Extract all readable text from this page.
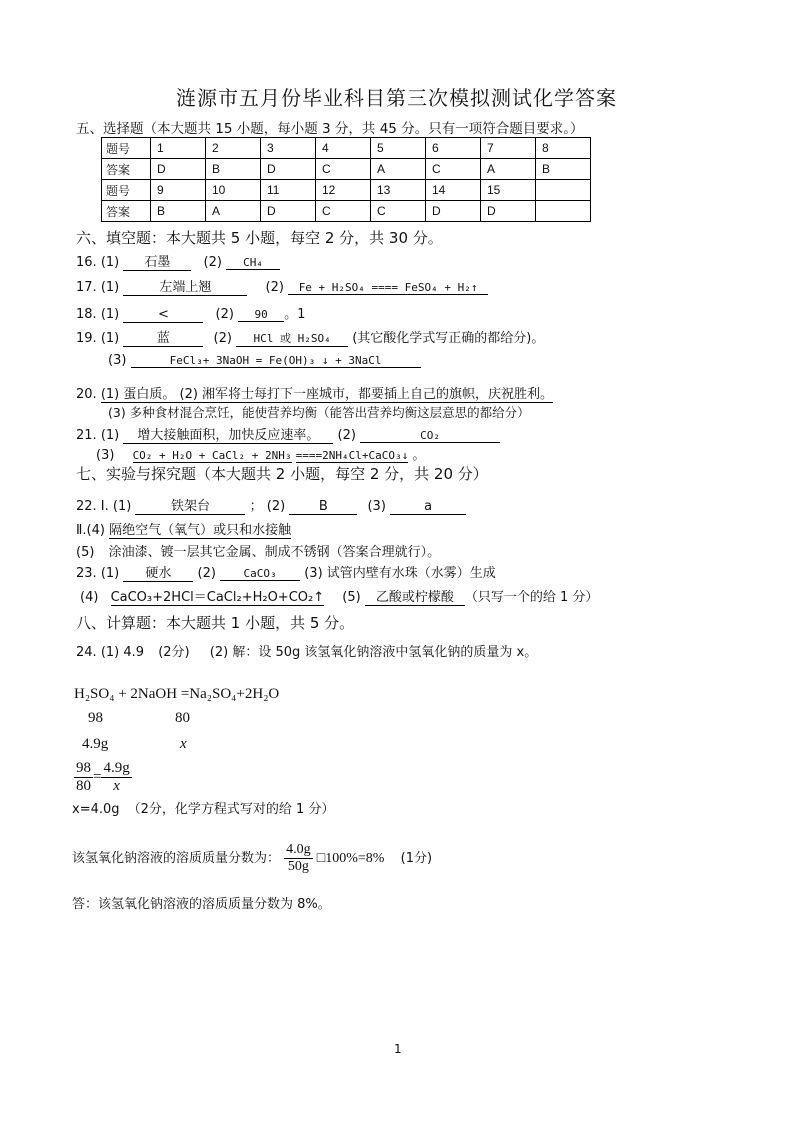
涟源市五月份毕业科目第三次模拟测试化学答案
五、选择题（本大题共 15 小题，每小题 3 分，共 45 分。只有一项符合题目要求。）
题号	1	2	3	4	5	6	7	8
答案	D	B	D	C	A	C	A	B
题号	9	10	11	12	13	14	15	
答案	B	A	D	C	C	D	D	
六、填空题：本大题共 5 小题，每空 2 分，共 30 分。
16. (1) 石墨	(2) CH₄
17. (1)	左端上翘	(2) Fe + H₂SO₄ ==== FeSO₄ + H₂↑
18. (1)	<	(2) 90 。1
19. (1)	蓝	(2) HCl 或 H₂SO₄ (其它酸化学式写正确的都给分)。
(3)	FeCl₃+ 3NaOH = Fe(OH)₃ ↓ + 3NaCl
20. (1) 蛋白质。 (2) 湘军将士每打下一座城市，都要插上自己的旗帜，庆祝胜利。
(3) 多种食材混合烹饪，能使营养均衡（能答出营养均衡这层意思的都给分）
21. (1) 增大接触面积，加快反应速率。 (2)	CO₂
(3) CO₂ + H₂O + CaCl₂ + 2NH₃ ====2NH₄Cl+CaCO₃↓ 。
七、实验与探究题（本大题共 2 小题，每空 2 分，共 20 分）
22. Ⅰ. (1)	铁架台	； (2)	B	(3)	a
Ⅱ.(4) 隔绝空气（氧气）或只和水接触
(5) 涂油漆、镀一层其它金属、制成不锈钢（答案合理就行）。
23. (1) 硬水 (2)	CaCO₃ (3) 试管内壁有水珠（水雾）生成
(4) CaCO₃+2HCl＝CaCl₂+H₂O+CO₂↑ (5) 乙酸或柠檬酸 （只写一个的给 1 分）
八、计算题：本大题共 1 小题，共 5 分。
24. (1) 4.9 (2分) (2) 解：设 50g 该氢氧化钠溶液中氢氧化钠的质量为 x。
H₂SO₄ + 2NaOH =Na₂SO₄+2H₂O
98	80
4.9g	x
$\frac{98}{80} = \frac{4.9g}{x}$
x=4.0g （2分，化学方程式写对的给 1 分）
该氢氧化钠溶液的溶质质量分数为： $\frac{4.0g}{50g}$ □100%=8% (1分)
答：该氢氧化钠溶液的溶质质量分数为 8%。
1
